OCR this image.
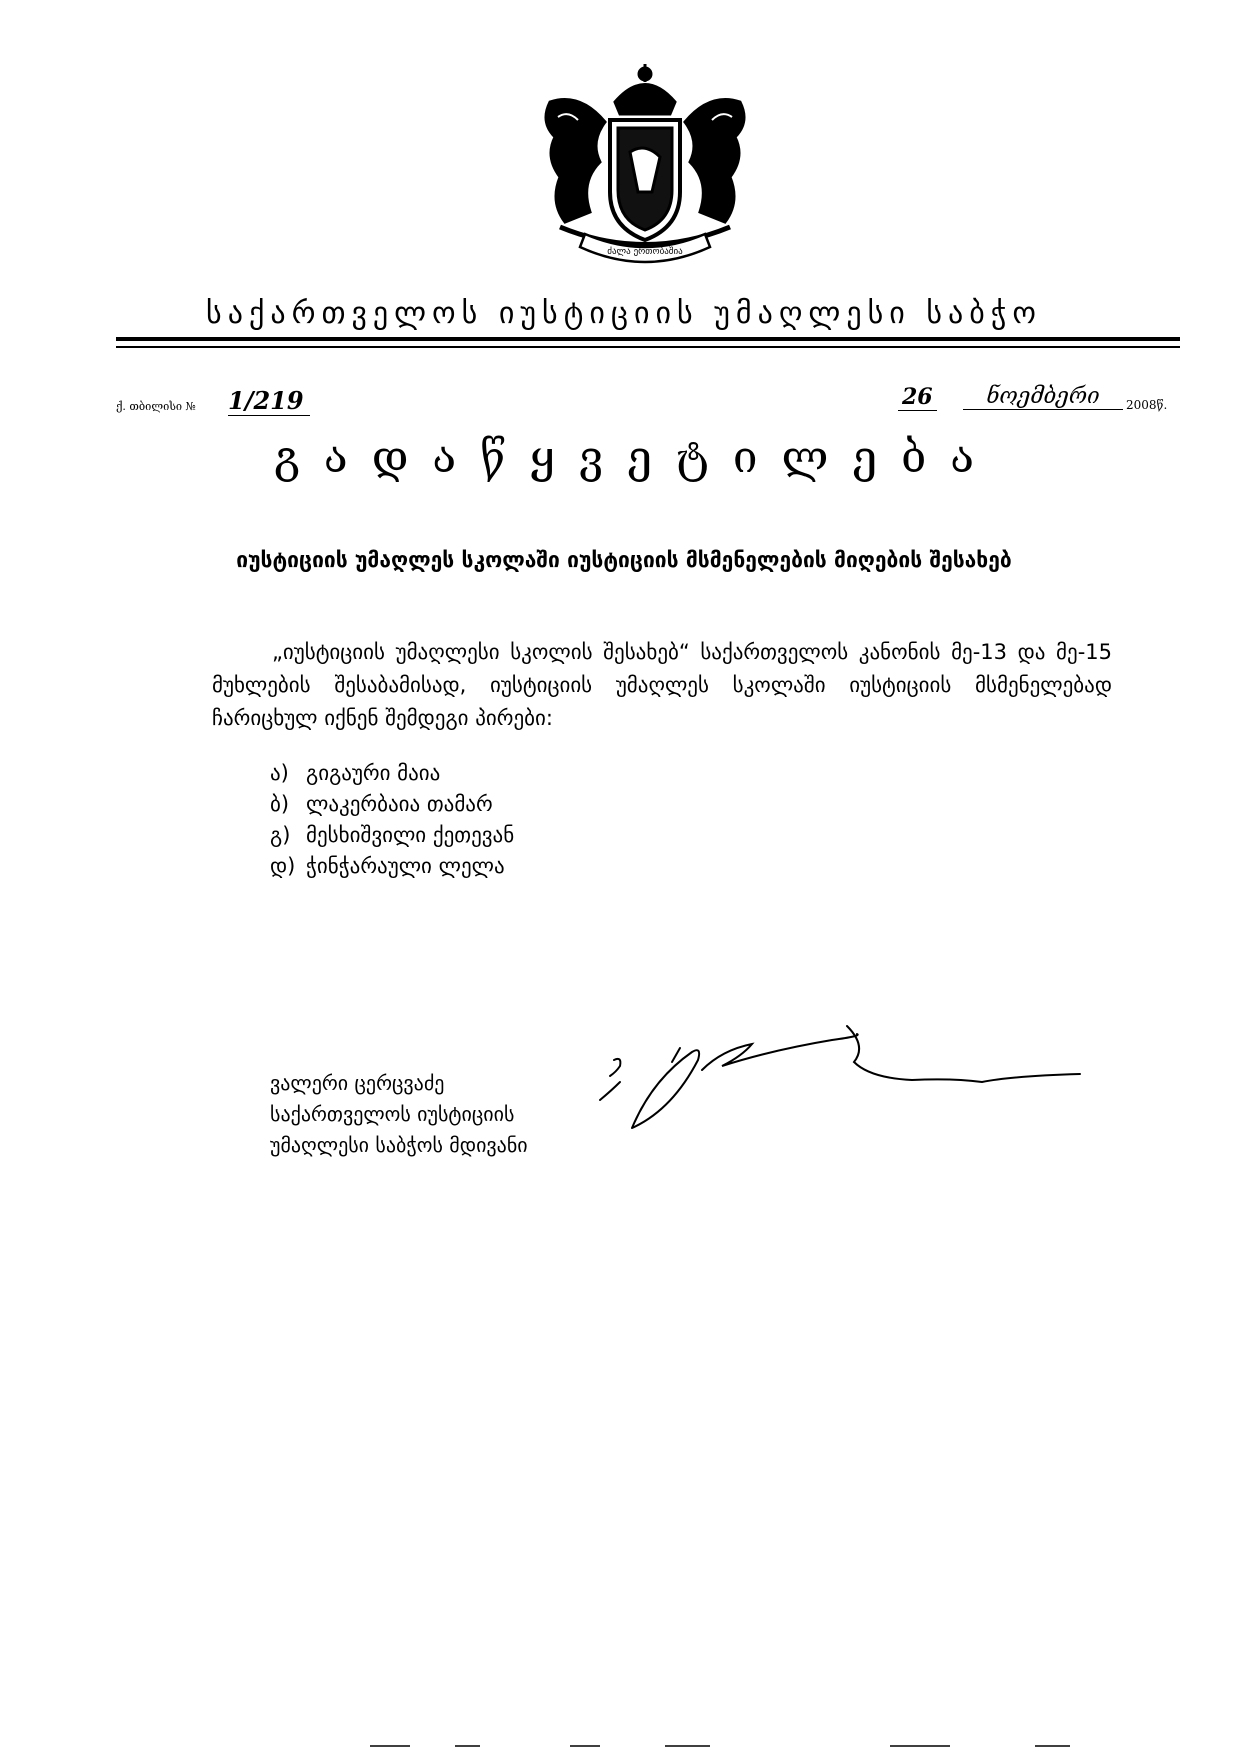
ძალა ერთობაშია
საქართველოს იუსტიციის უმაღლესი საბჭო
ქ. თბილისი № 1/219	26	ნოემბერი	2008წ.
გადაწყვეტილება
იუსტიციის უმაღლეს სკოლაში იუსტიციის მსმენელების მიღების შესახებ
„იუსტიციის უმაღლესი სკოლის შესახებ“ საქართველოს კანონის მე-13 და მე-15 მუხლების შესაბამისად, იუსტიციის უმაღლეს სკოლაში იუსტიციის მსმენელებად ჩარიცხულ იქნენ შემდეგი პირები:
ა) გიგაური მაია
ბ) ლაკერბაია თამარ
გ) მესხიშვილი ქეთევან
დ) ჭინჭარაული ლელა
ვალერი ცერცვაძე
საქართველოს იუსტიციის
უმაღლესი საბჭოს მდივანი
